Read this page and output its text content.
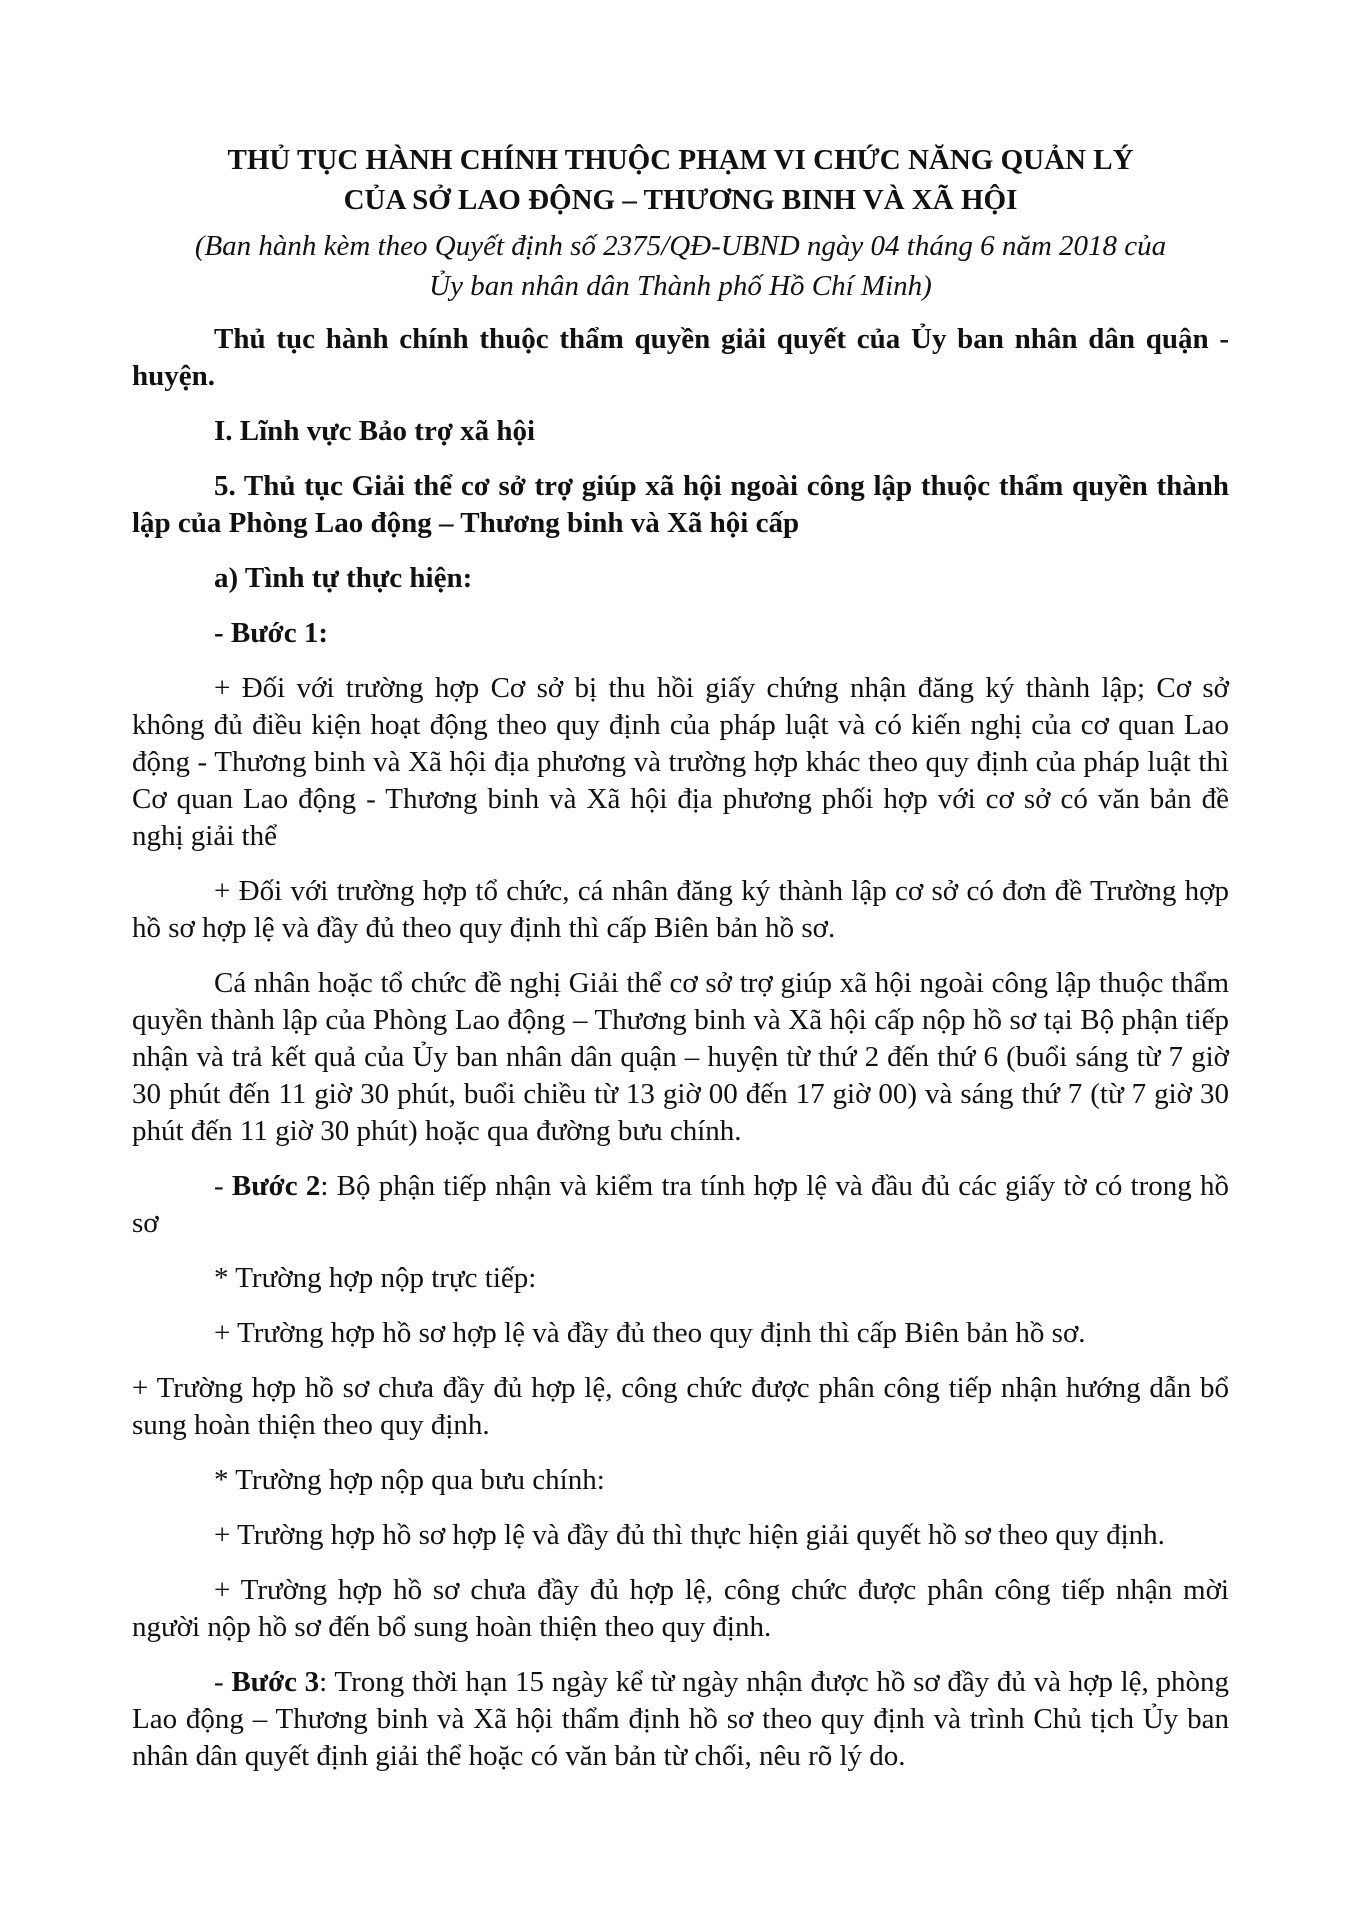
THỦ TỤC HÀNH CHÍNH THUỘC PHẠM VI CHỨC NĂNG QUẢN LÝ
CỦA SỞ LAO ĐỘNG – THƯƠNG BINH VÀ XÃ HỘI
(Ban hành kèm theo Quyết định số 2375/QĐ-UBND ngày 04 tháng 6 năm 2018 của
Ủy ban nhân dân Thành phố Hồ Chí Minh)

Thủ tục hành chính thuộc thẩm quyền giải quyết của Ủy ban nhân dân quận - huyện.

I. Lĩnh vực Bảo trợ xã hội

5. Thủ tục Giải thể cơ sở trợ giúp xã hội ngoài công lập thuộc thẩm quyền thành lập của Phòng Lao động – Thương binh và Xã hội cấp

a) Tình tự thực hiện:

- Bước 1:

+ Đối với trường hợp Cơ sở bị thu hồi giấy chứng nhận đăng ký thành lập; Cơ sở không đủ điều kiện hoạt động theo quy định của pháp luật và có kiến nghị của cơ quan Lao động - Thương binh và Xã hội địa phương và trường hợp khác theo quy định của pháp luật thì Cơ quan Lao động - Thương binh và Xã hội địa phương phối hợp với cơ sở có văn bản đề nghị giải thể

+ Đối với trường hợp tổ chức, cá nhân đăng ký thành lập cơ sở có đơn đề Trường hợp hồ sơ hợp lệ và đầy đủ theo quy định thì cấp Biên bản hồ sơ.

Cá nhân hoặc tổ chức đề nghị Giải thể cơ sở trợ giúp xã hội ngoài công lập thuộc thẩm quyền thành lập của Phòng Lao động – Thương binh và Xã hội cấp nộp hồ sơ tại Bộ phận tiếp nhận và trả kết quả của Ủy ban nhân dân quận – huyện từ thứ 2 đến thứ 6 (buổi sáng từ 7 giờ 30 phút đến 11 giờ 30 phút, buổi chiều từ 13 giờ 00 đến 17 giờ 00) và sáng thứ 7 (từ 7 giờ 30 phút đến 11 giờ 30 phút) hoặc qua đường bưu chính.

- Bước 2: Bộ phận tiếp nhận và kiểm tra tính hợp lệ và đầu đủ các giấy tờ có trong hồ sơ

* Trường hợp nộp trực tiếp:

+ Trường hợp hồ sơ hợp lệ và đầy đủ theo quy định thì cấp Biên bản hồ sơ.

+ Trường hợp hồ sơ chưa đầy đủ hợp lệ, công chức được phân công tiếp nhận hướng dẫn bổ sung hoàn thiện theo quy định.

* Trường hợp nộp qua bưu chính:

+ Trường hợp hồ sơ hợp lệ và đầy đủ thì thực hiện giải quyết hồ sơ theo quy định.

+ Trường hợp hồ sơ chưa đầy đủ hợp lệ, công chức được phân công tiếp nhận mời người nộp hồ sơ đến bổ sung hoàn thiện theo quy định.

- Bước 3: Trong thời hạn 15 ngày kể từ ngày nhận được hồ sơ đầy đủ và hợp lệ, phòng Lao động – Thương binh và Xã hội thẩm định hồ sơ theo quy định và trình Chủ tịch Ủy ban nhân dân quyết định giải thể hoặc có văn bản từ chối, nêu rõ lý do.
